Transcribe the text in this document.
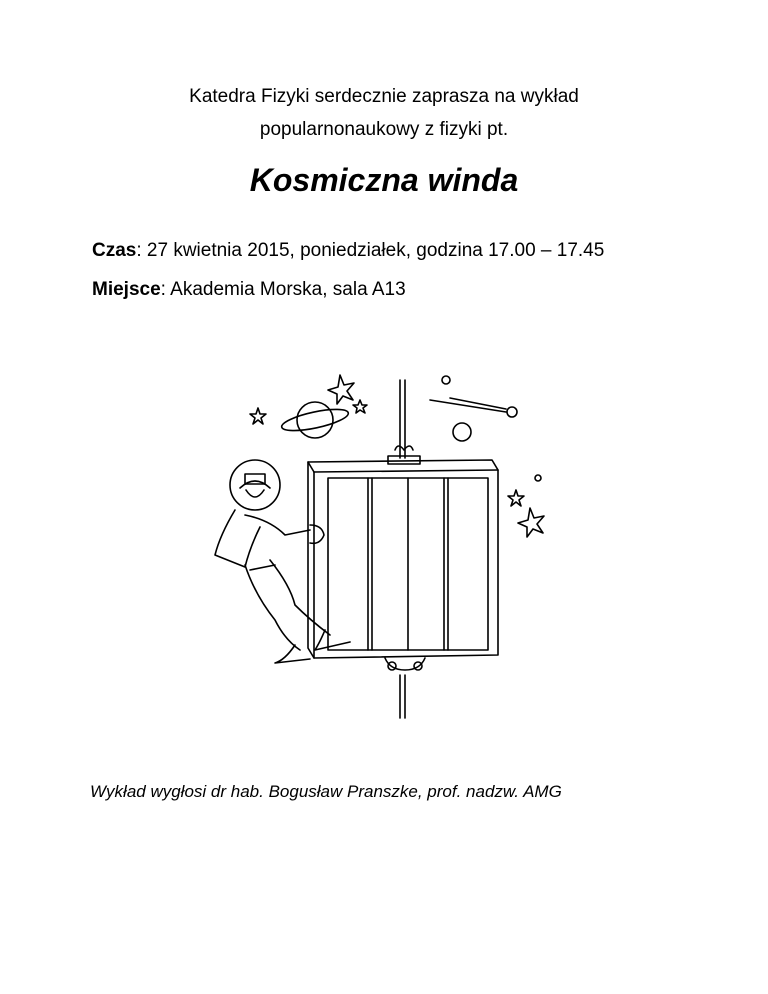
Katedra Fizyki serdecznie zaprasza na wykład
popularnonaukowy z fizyki pt.
Kosmiczna winda
Czas: 27 kwietnia 2015, poniedziałek, godzina 17.00 – 17.45
Miejsce: Akademia Morska, sala A13
Wykład wygłosi dr hab. Bogusław Pranszke, prof. nadzw. AMG
